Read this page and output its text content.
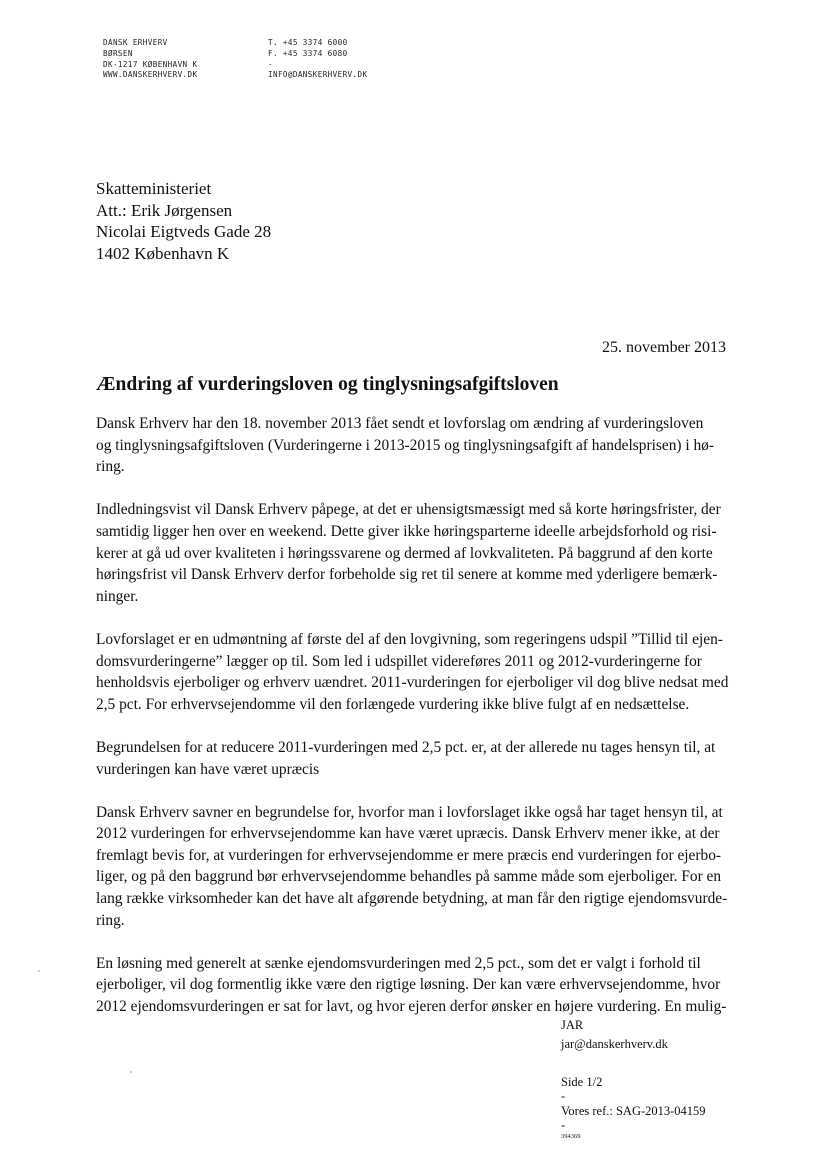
DANSK ERHVERV
BØRSEN
DK-1217 KØBENHAVN K
WWW.DANSKERHVERV.DK
T. +45 3374 6000
F. +45 3374 6080
-
INFO@DANSKERHVERV.DK
Skatteministeriet
Att.: Erik Jørgensen
Nicolai Eigtveds Gade 28
1402 København K
25. november 2013
Ændring af vurderingsloven og tinglysningsafgiftsloven

Dansk Erhverv har den 18. november 2013 fået sendt et lovforslag om ændring af vurderingsloven
og tinglysningsafgiftsloven (Vurderingerne i 2013-2015 og tinglysningsafgift af handelsprisen) i hø-
ring.

Indledningsvist vil Dansk Erhverv påpege, at det er uhensigtsmæssigt med så korte høringsfrister, der
samtidig ligger hen over en weekend. Dette giver ikke høringsparterne ideelle arbejdsforhold og risi-
kerer at gå ud over kvaliteten i høringssvarene og dermed af lovkvaliteten. På baggrund af den korte
høringsfrist vil Dansk Erhverv derfor forbeholde sig ret til senere at komme med yderligere bemærk-
ninger.

Lovforslaget er en udmøntning af første del af den lovgivning, som regeringens udspil ”Tillid til ejen-
domsvurderingerne” lægger op til. Som led i udspillet videreføres 2011 og 2012-vurderingerne for
henholdsvis ejerboliger og erhverv uændret. 2011-vurderingen for ejerboliger vil dog blive nedsat med
2,5 pct. For erhvervsejendomme vil den forlængede vurdering ikke blive fulgt af en nedsættelse.

Begrundelsen for at reducere 2011-vurderingen med 2,5 pct. er, at der allerede nu tages hensyn til, at
vurderingen kan have været upræcis

Dansk Erhverv savner en begrundelse for, hvorfor man i lovforslaget ikke også har taget hensyn til, at
2012 vurderingen for erhvervsejendomme kan have været upræcis. Dansk Erhverv mener ikke, at der
fremlagt bevis for, at vurderingen for erhvervsejendomme er mere præcis end vurderingen for ejerbo-
liger, og på den baggrund bør erhvervsejendomme behandles på samme måde som ejerboliger. For en
lang række virksomheder kan det have alt afgørende betydning, at man får den rigtige ejendomsvurde-
ring.

En løsning med generelt at sænke ejendomsvurderingen med 2,5 pct., som det er valgt i forhold til
ejerboliger, vil dog formentlig ikke være den rigtige løsning. Der kan være erhvervsejendomme, hvor
2012 ejendomsvurderingen er sat for lavt, og hvor ejeren derfor ønsker en højere vurdering. En mulig-

JAR
jar@danskerhverv.dk
Side 1/2
-
Vores ref.: SAG-2013-04159
-
394369
